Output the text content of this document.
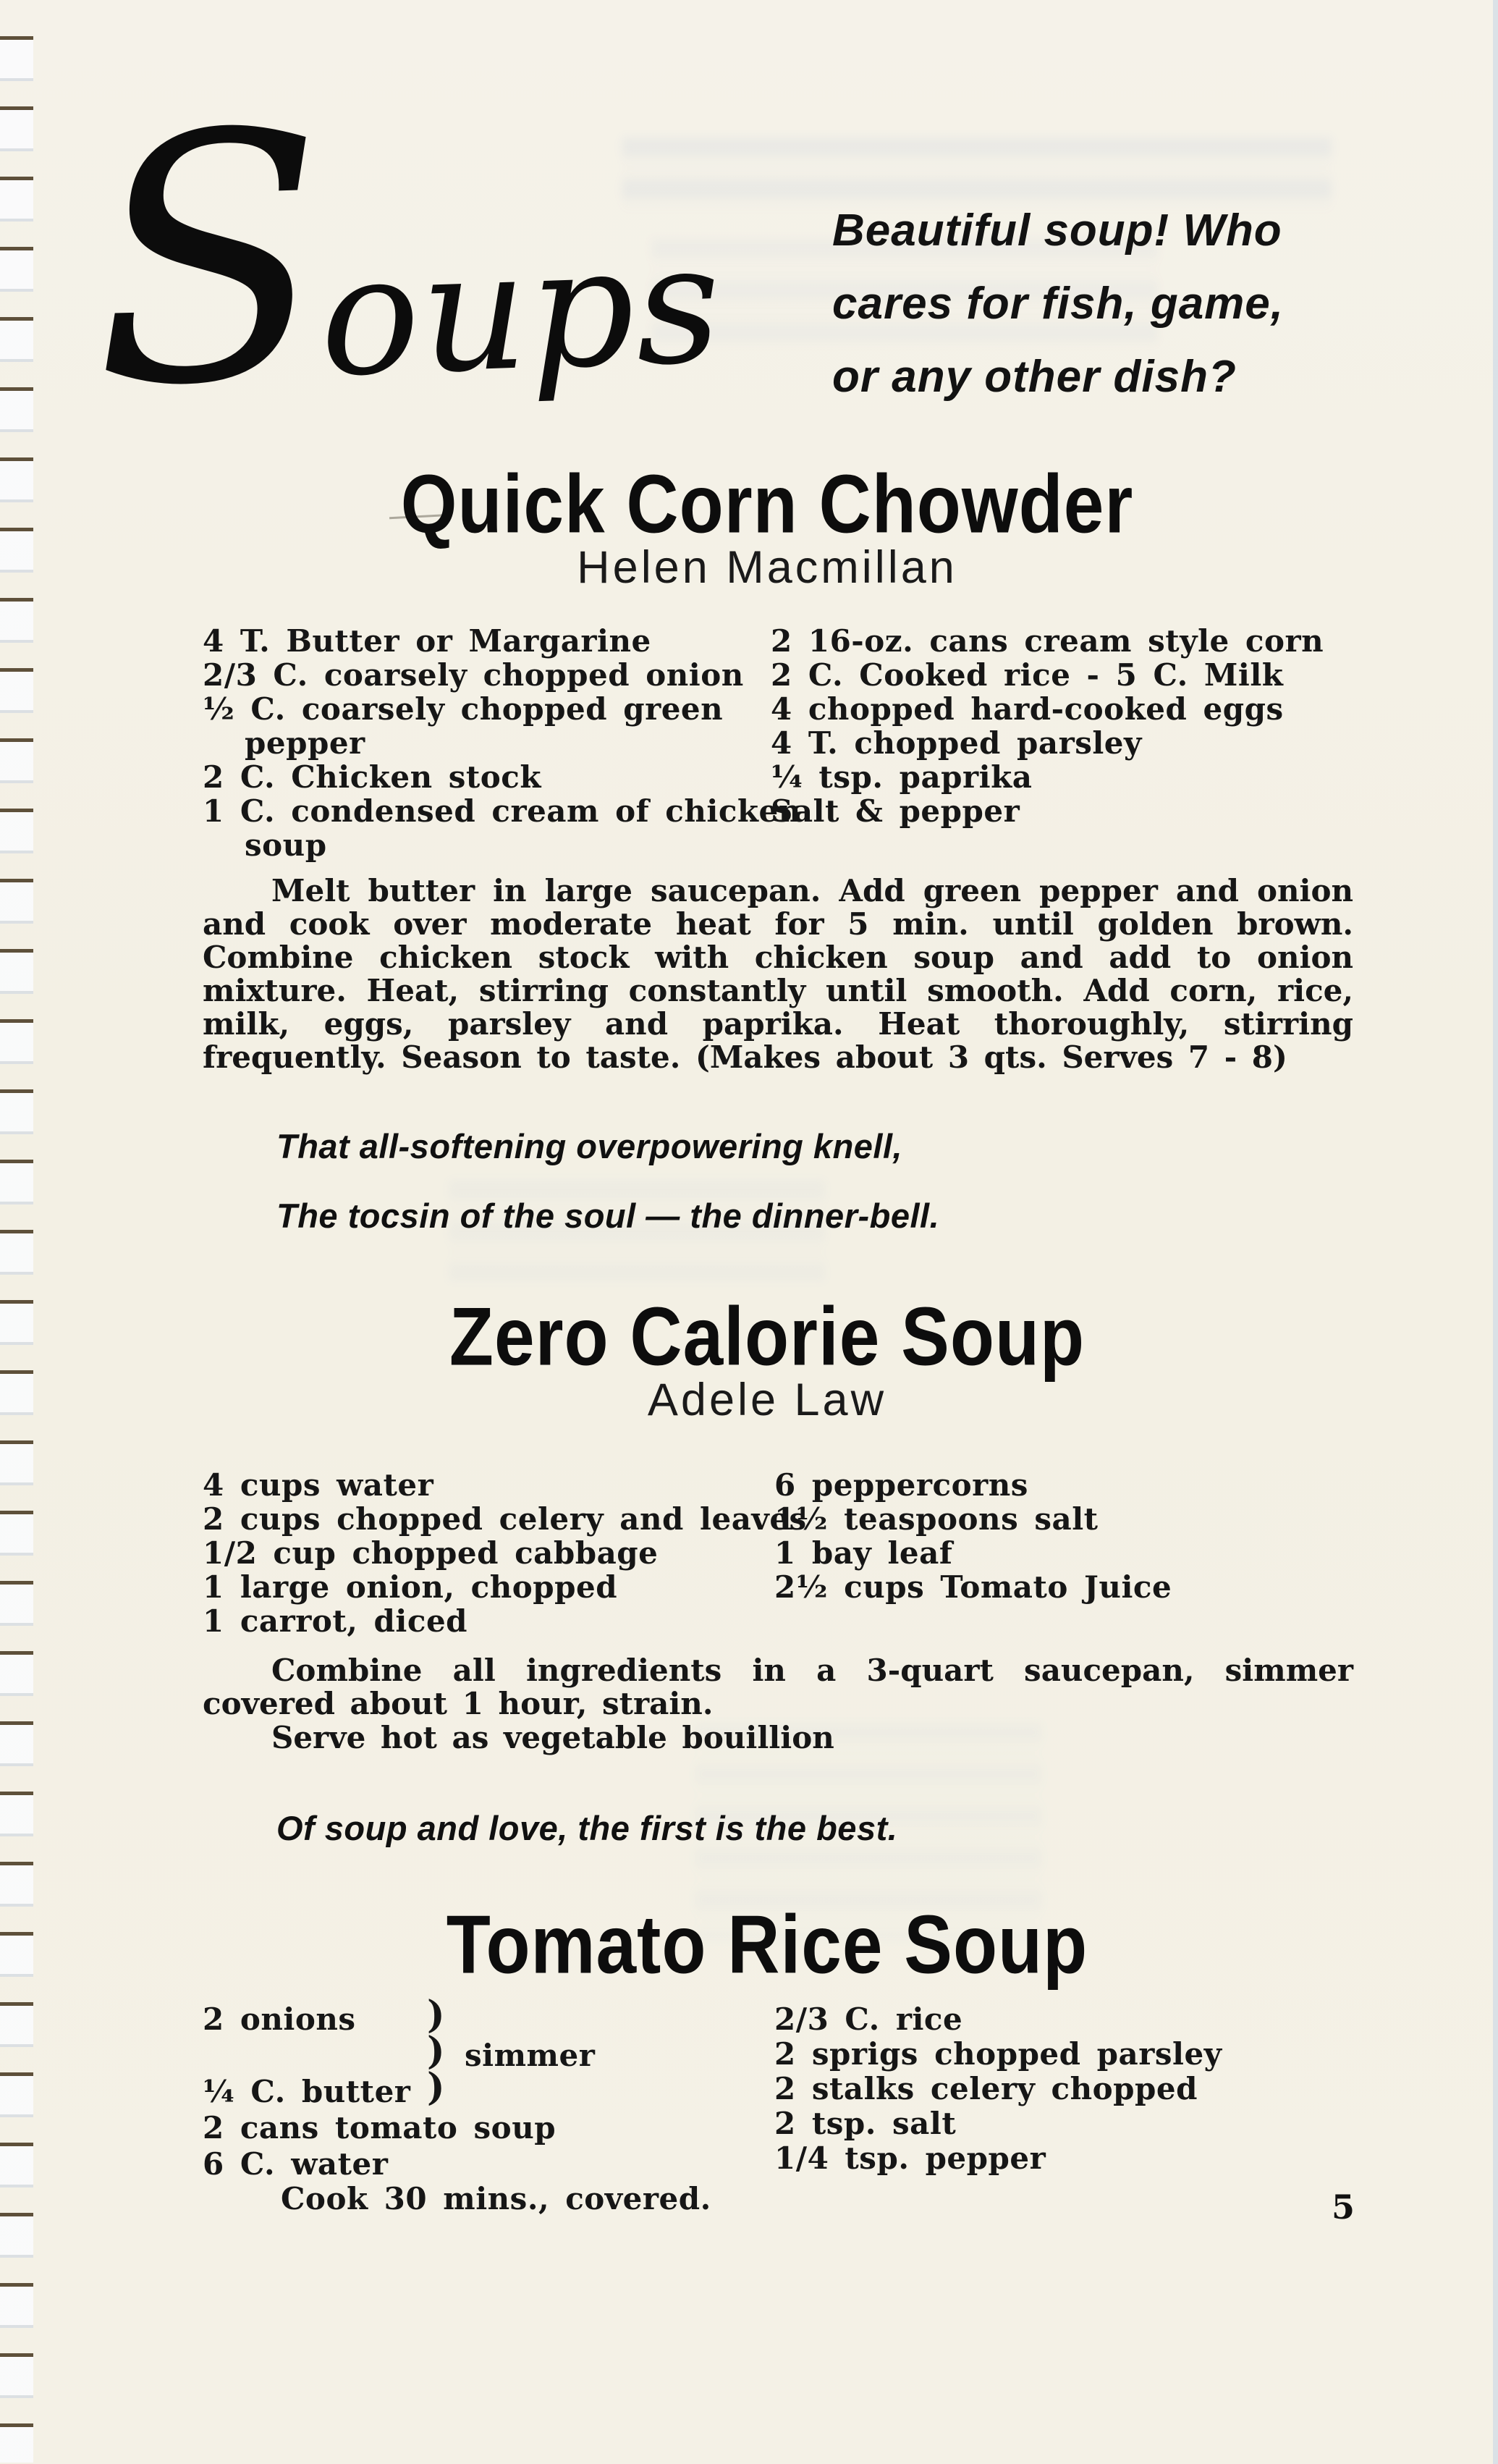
Soups Beautiful soup! Who
cares for fish, game,
or any other dish?
Quick Corn Chowder
Helen Macmillan
4 T. Butter or Margarine
2/3 C. coarsely chopped onion
½ C. coarsely chopped green
pepper
2 C. Chicken stock
1 C. condensed cream of chicken
soup
2 16-oz. cans cream style corn
2 C. Cooked rice - 5 C. Milk
4 chopped hard-cooked eggs
4 T. chopped parsley
¼ tsp. paprika
Salt & pepper
Melt butter in large saucepan. Add green pepper and onion and cook over moderate heat for 5 min. until golden brown. Combine chicken stock with chicken soup and add to onion mixture. Heat, stirring constantly until smooth. Add corn, rice, milk, eggs, parsley and paprika. Heat thoroughly, stirring frequently. Season to taste. (Makes about 3 qts. Serves 7 - 8)
That all-softening overpowering knell,
The tocsin of the soul — the dinner-bell.
Zero Calorie Soup
Adele Law
4 cups water
2 cups chopped celery and leaves
1/2 cup chopped cabbage
1 large onion, chopped
1 carrot, diced
6 peppercorns
1½ teaspoons salt
1 bay leaf
2½ cups Tomato Juice
Combine all ingredients in a 3-quart saucepan, simmer covered about 1 hour, strain.
Serve hot as vegetable bouillion
Of soup and love, the first is the best.
Tomato Rice Soup
2 onions )
) simmer
¼ C. butter )
2 cans tomato soup
6 C. water
2/3 C. rice
2 sprigs chopped parsley
2 stalks celery chopped
2 tsp. salt
1/4 tsp. pepper
Cook 30 mins., covered.	5
